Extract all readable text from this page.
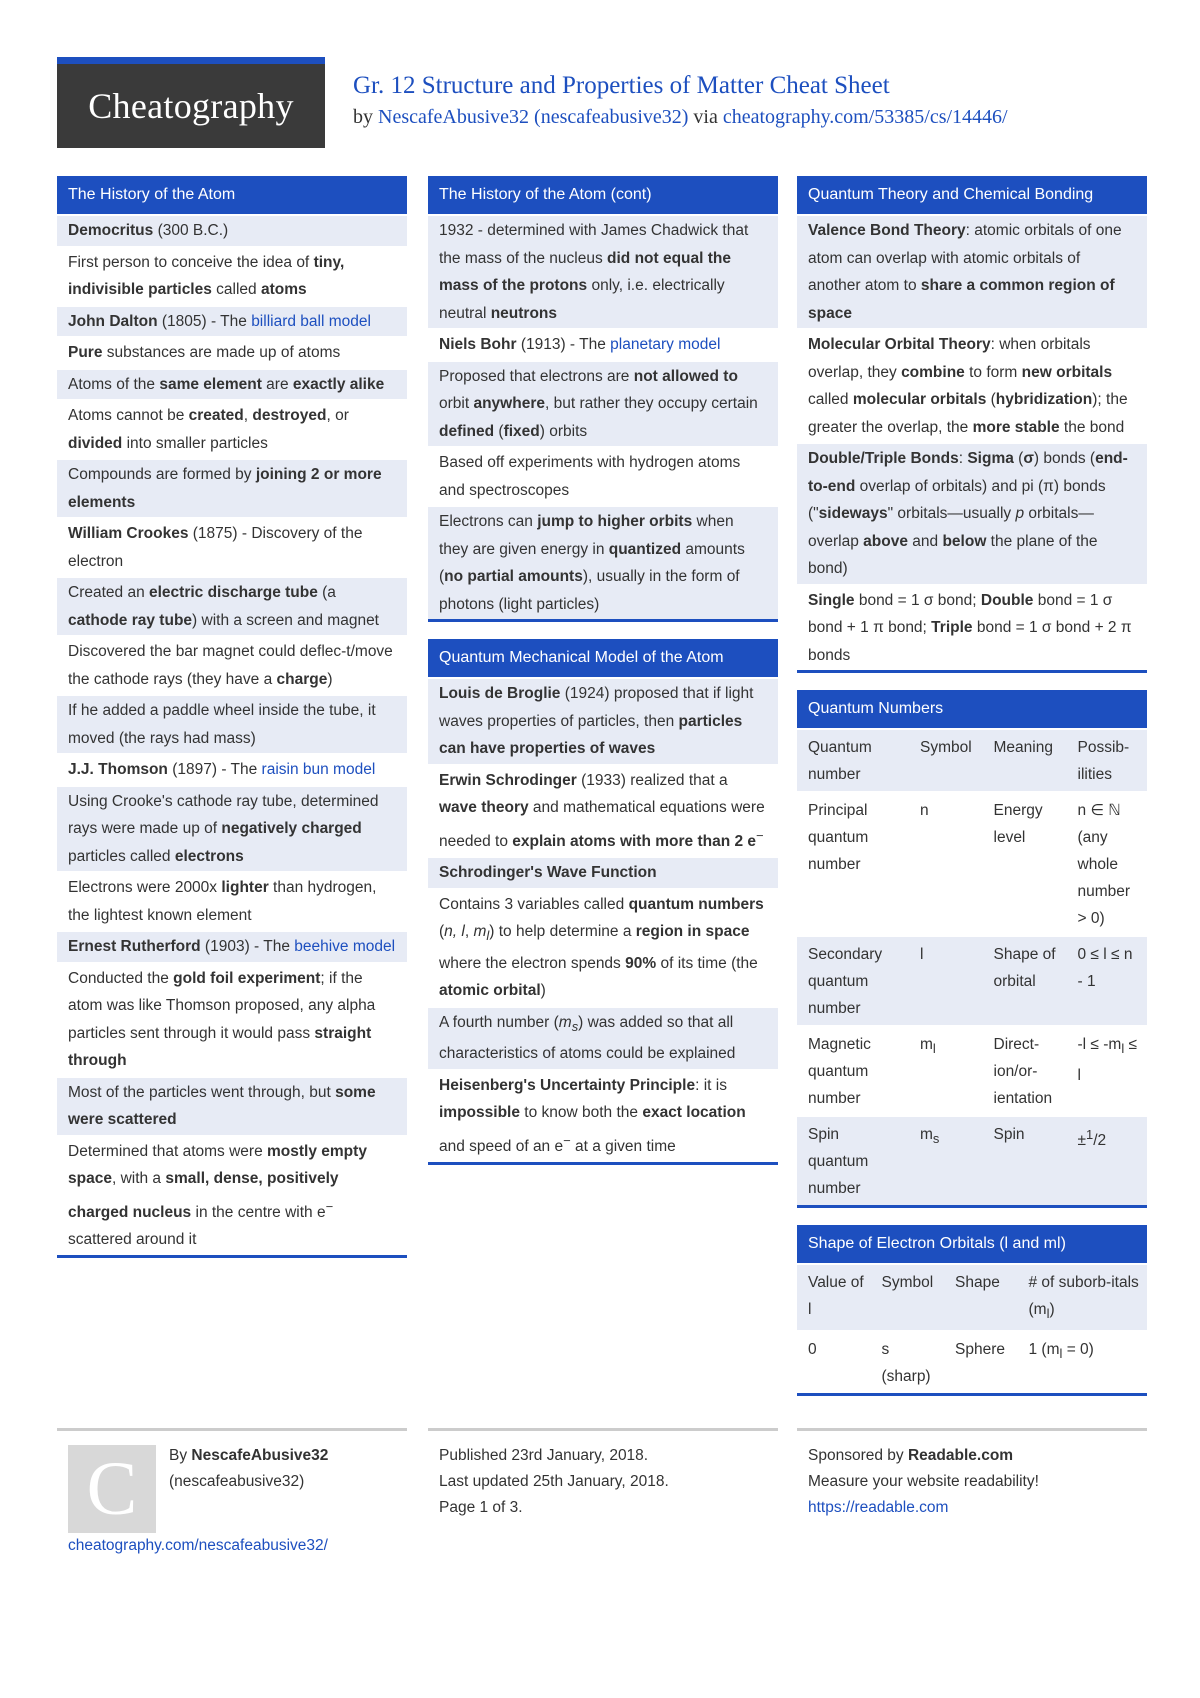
Cheatography
Gr. 12 Structure and Properties of Matter Cheat Sheet
by NescafeAbusive32 (nescafeabusive32) via cheatography.com/53385/cs/14446/
The History of the Atom
Democritus (300 B.C.)
First person to conceive the idea of tiny, indivisible particles called atoms
John Dalton (1805) - The billiard ball model
Pure substances are made up of atoms
Atoms of the same element are exactly alike
Atoms cannot be created, destroyed, or divided into smaller particles
Compounds are formed by joining 2 or more elements
William Crookes (1875) - Discovery of the electron
Created an electric discharge tube (a cathode ray tube) with a screen and magnet
Discovered the bar magnet could deflec-t/move the cathode rays (they have a charge)
If he added a paddle wheel inside the tube, it moved (the rays had mass)
J.J. Thomson (1897) - The raisin bun model
Using Crooke's cathode ray tube, determined rays were made up of negatively charged particles called electrons
Electrons were 2000x lighter than hydrogen, the lightest known element
Ernest Rutherford (1903) - The beehive model
Conducted the gold foil experiment; if the atom was like Thomson proposed, any alpha particles sent through it would pass straight through
Most of the particles went through, but some were scattered
Determined that atoms were mostly empty space, with a small, dense, positively charged nucleus in the centre with e− scattered around it
The History of the Atom (cont)
1932 - determined with James Chadwick that the mass of the nucleus did not equal the mass of the protons only, i.e. electrically neutral neutrons
Niels Bohr (1913) - The planetary model
Proposed that electrons are not allowed to orbit anywhere, but rather they occupy certain defined (fixed) orbits
Based off experiments with hydrogen atoms and spectroscopes
Electrons can jump to higher orbits when they are given energy in quantized amounts (no partial amounts), usually in the form of photons (light particles)
Quantum Mechanical Model of the Atom
Louis de Broglie (1924) proposed that if light waves properties of particles, then particles can have properties of waves
Erwin Schrodinger (1933) realized that a wave theory and mathematical equations were needed to explain atoms with more than 2 e−
Schrodinger's Wave Function
Contains 3 variables called quantum numbers (n, l, $m_l$) to help determine a region in space where the electron spends 90% of its time (the atomic orbital)
A fourth number $(m_s)$ was added so that all characteristics of atoms could be explained
Heisenberg's Uncertainty Principle: it is impossible to know both the exact location and speed of an e− at a given time
Quantum Theory and Chemical Bonding
Valence Bond Theory: atomic orbitals of one atom can overlap with atomic orbitals of another atom to share a common region of space
Molecular Orbital Theory: when orbitals overlap, they combine to form new orbitals called molecular orbitals (hybridization); the greater the overlap, the more stable the bond
Double/Triple Bonds: Sigma (σ) bonds (end-to-end overlap of orbitals) and pi (π) bonds ("sideways" orbitals—usually p orbitals—overlap above and below the plane of the bond)
Single bond = 1 σ bond; Double bond = 1 σ bond + 1 π bond; Triple bond = 1 σ bond + 2 π bonds
Quantum Numbers
Quantum number	Symbol	Meaning	Possib-ilities
Principal quantum number	n	Energy level	n ∈ ℕ (any whole number > 0)
Secondary quantum number	l	Shape of orbital	0 ≤ l ≤ n - 1
Magnetic quantum number	$m_l$	Direct-ion/or-ientation	$-l \le -m_l \le l$
Spin quantum number	$m_s$	Spin	±$^1$/2
Shape of Electron Orbitals (l and ml)
Value of l	Symbol	Shape	# of suborb-itals $(m_l)$
0	s (sharp)	Sphere	1 $(m_l = 0)$
C	By NescafeAbusive32
(nescafeabusive32)
cheatography.com/nescafeabusive32/
Published 23rd January, 2018.
Last updated 25th January, 2018.
Page 1 of 3.
Sponsored by Readable.com
Measure your website readability!
https://readable.com
